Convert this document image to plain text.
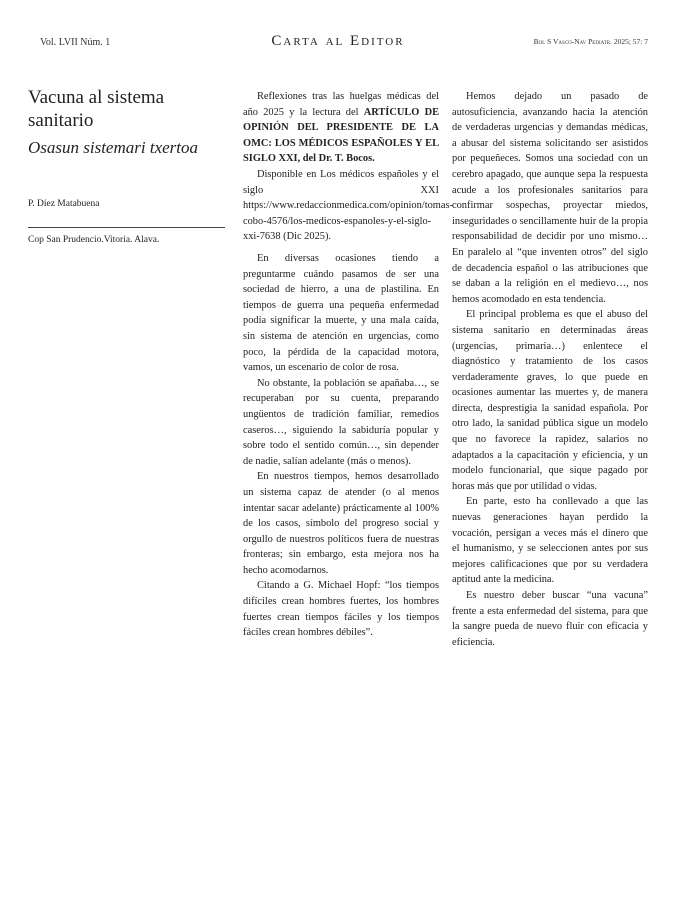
Vol. LVII Núm. 1	Carta al Editor	Bol S Vasco-Nav Pediatr. 2025; 57: 7
Vacuna al sistema sanitario
Osasun sistemari txertoa
P. Díez Matabuena
Cop San Prudencio.Vitoria. Alava.

Reflexiones tras las huelgas médicas del año 2025 y la lectura del ARTÍCULO DE OPINIÓN DEL PRESIDENTE DE LA OMC: LOS MÉDICOS ESPAÑOLES Y EL SIGLO XXI, del Dr. T. Bocos.

Disponible en Los médicos españoles y el siglo XXI https://www.redaccionmedica.com/opinion/tomas-cobo-4576/los-medicos-espanoles-y-el-siglo-xxi-7638 (Dic 2025).

En diversas ocasiones tiendo a preguntarme cuándo pasamos de ser una sociedad de hierro, a una de plastilina. En tiempos de guerra una pequeña enfermedad podía significar la muerte, y una mala caída, sin sistema de atención en urgencias, como poco, la pérdida de la capacidad motora, vamos, un escenario de color de rosa.

No obstante, la población se apañaba…, se recuperaban por su cuenta, preparando ungüentos de tradición familiar, remedios caseros…, siguiendo la sabiduría popular y sobre todo el sentido común…, sin depender de nadie, salían adelante (más o menos).

En nuestros tiempos, hemos desarrollado un sistema capaz de atender (o al menos intentar sacar adelante) prácticamente al 100% de los casos, símbolo del progreso social y orgullo de nuestros políticos fuera de nuestras fronteras; sin embargo, esta mejora nos ha hecho acomodarnos.

Citando a G. Michael Hopf: “los tiempos difíciles crean hombres fuertes, los hombres fuertes crean tiempos fáciles y los tiempos fáciles crean hombres débiles”.

Hemos dejado un pasado de autosuficiencia, avanzando hacia la atención de verdaderas urgencias y demandas médicas, a abusar del sistema solicitando ser asistidos por pequeñeces. Somos una sociedad con un cerebro apagado, que aunque sepa la respuesta acude a los profesionales sanitarios para confirmar sospechas, proyectar miedos, inseguridades o sencillamente huir de la propia responsabilidad de decidir por uno mismo… En paralelo al “que inventen otros” del siglo de decadencia español o las atribuciones que se daban a la religión en el medievo…, nos hemos acomodado en esta tendencia.

El principal problema es que el abuso del sistema sanitario en determinadas áreas (urgencias, primaria…) enlentece el diagnóstico y tratamiento de los casos verdaderamente graves, lo que puede en ocasiones aumentar las muertes y, de manera directa, desprestigia la sanidad española. Por otro lado, la sanidad pública sigue un modelo que no favorece la rapidez, salarios no adaptados a la capacitación y eficiencia, y un modelo funcionarial, que sique pagado por horas más que por utilidad o vidas.

En parte, esto ha conllevado a que las nuevas generaciones hayan perdido la vocación, persigan a veces más el dinero que el humanismo, y se seleccionen antes por sus mejores calificaciones que por su verdadera aptitud ante la medicina.

Es nuestro deber buscar “una vacuna” frente a esta enfermedad del sistema, para que la sangre pueda de nuevo fluir con eficacia y eficiencia.
